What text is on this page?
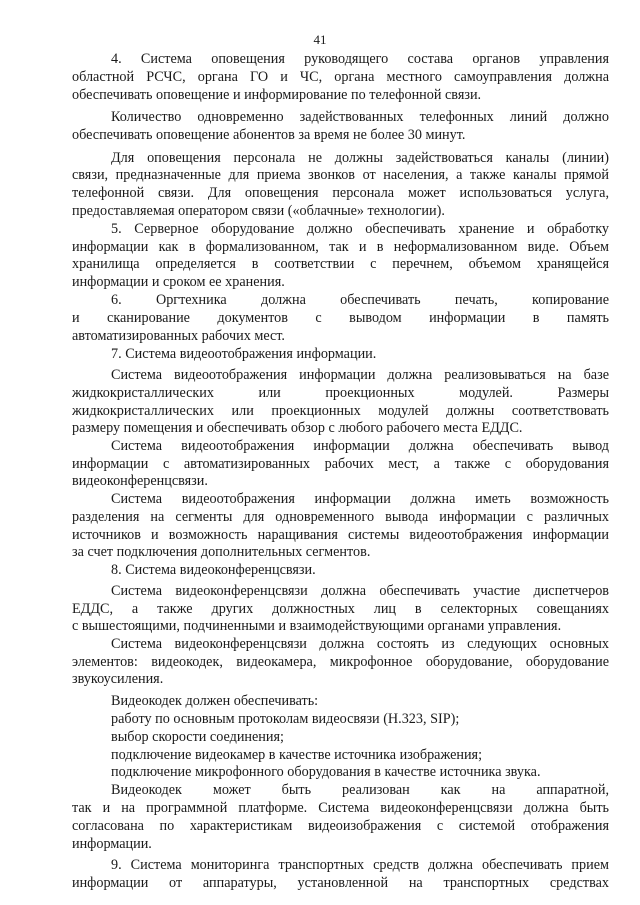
41
4. Система оповещения руководящего состава органов управления
областной РСЧС, органа ГО и ЧС, органа местного самоуправления должна
обеспечивать оповещение и информирование по телефонной связи.
Количество одновременно задействованных телефонных линий должно
обеспечивать оповещение абонентов за время не более 30 минут.
Для оповещения персонала не должны задействоваться каналы (линии)
связи, предназначенные для приема звонков от населения, а также каналы прямой
телефонной связи. Для оповещения персонала может использоваться услуга,
предоставляемая оператором связи («облачные» технологии).
5. Серверное оборудование должно обеспечивать хранение и обработку
информации как в формализованном, так и в неформализованном виде. Объем
хранилища определяется в соответствии с перечнем, объемом хранящейся
информации и сроком ее хранения.
6. Оргтехника должна обеспечивать печать, копирование
и сканирование документов с выводом информации в память
автоматизированных рабочих мест.
7. Система видеоотображения информации.
Система видеоотображения информации должна реализовываться на базе
жидкокристаллических или проекционных модулей. Размеры
жидкокристаллических или проекционных модулей должны соответствовать
размеру помещения и обеспечивать обзор с любого рабочего места ЕДДС.
Система видеоотображения информации должна обеспечивать вывод
информации с автоматизированных рабочих мест, а также с оборудования
видеоконференцсвязи.
Система видеоотображения информации должна иметь возможность
разделения на сегменты для одновременного вывода информации с различных
источников и возможность наращивания системы видеоотображения информации
за счет подключения дополнительных сегментов.
8. Система видеоконференцсвязи.
Система видеоконференцсвязи должна обеспечивать участие диспетчеров
ЕДДС, а также других должностных лиц в селекторных совещаниях
с вышестоящими, подчиненными и взаимодействующими органами управления.
Система видеоконференцсвязи должна состоять из следующих основных
элементов: видеокодек, видеокамера, микрофонное оборудование, оборудование
звукоусиления.
Видеокодек должен обеспечивать:
работу по основным протоколам видеосвязи (H.323, SIP);
выбор скорости соединения;
подключение видеокамер в качестве источника изображения;
подключение микрофонного оборудования в качестве источника звука.
Видеокодек может быть реализован как на аппаратной,
так и на программной платформе. Система видеоконференцсвязи должна быть
согласована по характеристикам видеоизображения с системой отображения
информации.
9. Система мониторинга транспортных средств должна обеспечивать прием
информации от аппаратуры, установленной на транспортных средствах
